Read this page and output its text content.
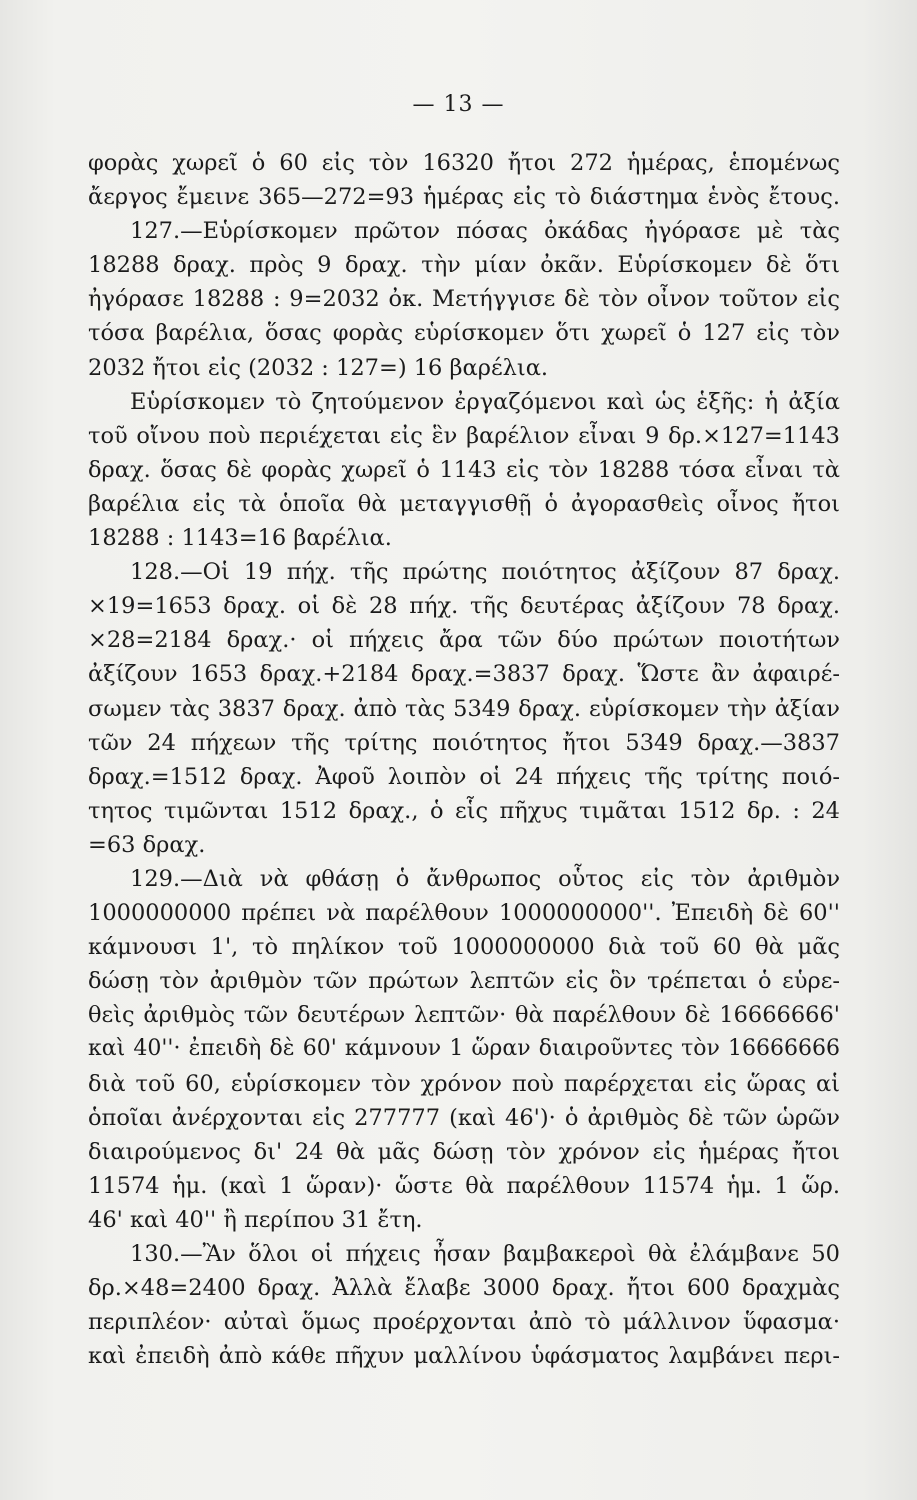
— 13 —
φορὰς χωρεῖ ὁ 60 εἰς τὸν 16320 ἤτοι 272 ἡμέρας, ἑπομένως
ἄεργος ἔμεινε 365—272=93 ἡμέρας εἰς τὸ διάστημα ἑνὸς ἔτους.
127.—Εὑρίσκομεν πρῶτον πόσας ὀκάδας ἠγόρασε μὲ τὰς
18288 δραχ. πρὸς 9 δραχ. τὴν μίαν ὀκᾶν. Εὑρίσκομεν δὲ ὅτι
ἠγόρασε 18288 : 9=2032 ὀκ. Μετήγγισε δὲ τὸν οἶνον τοῦτον εἰς
τόσα βαρέλια, ὅσας φορὰς εὑρίσκομεν ὅτι χωρεῖ ὁ 127 εἰς τὸν
2032 ἤτοι εἰς (2032 : 127=) 16 βαρέλια.
Εὑρίσκομεν τὸ ζητούμενον ἐργαζόμενοι καὶ ὡς ἑξῆς: ἡ ἀξία
τοῦ οἴνου ποὺ περιέχεται εἰς ἓν βαρέλιον εἶναι 9 δρ.×127=1143
δραχ. ὅσας δὲ φορὰς χωρεῖ ὁ 1143 εἰς τὸν 18288 τόσα εἶναι τὰ
βαρέλια εἰς τὰ ὁποῖα θὰ μεταγγισθῇ ὁ ἀγορασθεὶς οἶνος ἤτοι
18288 : 1143=16 βαρέλια.
128.—Οἱ 19 πήχ. τῆς πρώτης ποιότητος ἀξίζουν 87 δραχ.
×19=1653 δραχ. οἱ δὲ 28 πήχ. τῆς δευτέρας ἀξίζουν 78 δραχ.
×28=2184 δραχ.· οἱ πήχεις ἄρα τῶν δύο πρώτων ποιοτήτων
ἀξίζουν 1653 δραχ.+2184 δραχ.=3837 δραχ. Ὥστε ἂν ἀφαιρέ-
σωμεν τὰς 3837 δραχ. ἀπὸ τὰς 5349 δραχ. εὑρίσκομεν τὴν ἀξίαν
τῶν 24 πήχεων τῆς τρίτης ποιότητος ἤτοι 5349 δραχ.—3837
δραχ.=1512 δραχ. Ἀφοῦ λοιπὸν οἱ 24 πήχεις τῆς τρίτης ποιό-
τητος τιμῶνται 1512 δραχ., ὁ εἷς πῆχυς τιμᾶται 1512 δρ. : 24
=63 δραχ.
129.—Διὰ νὰ φθάσῃ ὁ ἄνθρωπος οὗτος εἰς τὸν ἀριθμὸν
1000000000 πρέπει νὰ παρέλθουν 1000000000''. Ἐπειδὴ δὲ 60''
κάμνουσι 1', τὸ πηλίκον τοῦ 1000000000 διὰ τοῦ 60 θὰ μᾶς
δώσῃ τὸν ἀριθμὸν τῶν πρώτων λεπτῶν εἰς ὃν τρέπεται ὁ εὑρε-
θεὶς ἀριθμὸς τῶν δευτέρων λεπτῶν· θὰ παρέλθουν δὲ 16666666'
καὶ 40''· ἐπειδὴ δὲ 60' κάμνουν 1 ὥραν διαιροῦντες τὸν 16666666
διὰ τοῦ 60, εὑρίσκομεν τὸν χρόνον ποὺ παρέρχεται εἰς ὥρας αἱ
ὁποῖαι ἀνέρχονται εἰς 277777 (καὶ 46')· ὁ ἀριθμὸς δὲ τῶν ὡρῶν
διαιρούμενος δι' 24 θὰ μᾶς δώσῃ τὸν χρόνον εἰς ἡμέρας ἤτοι
11574 ἡμ. (καὶ 1 ὥραν)· ὥστε θὰ παρέλθουν 11574 ἡμ. 1 ὥρ.
46' καὶ 40'' ἢ περίπου 31 ἔτη.
130.—Ἂν ὅλοι οἱ πήχεις ἦσαν βαμβακεροὶ θὰ ἐλάμβανε 50
δρ.×48=2400 δραχ. Ἀλλὰ ἔλαβε 3000 δραχ. ἤτοι 600 δραχμὰς
περιπλέον· αὐταὶ ὅμως προέρχονται ἀπὸ τὸ μάλλινον ὕφασμα·
καὶ ἐπειδὴ ἀπὸ κάθε πῆχυν μαλλίνου ὑφάσματος λαμβάνει περι-
